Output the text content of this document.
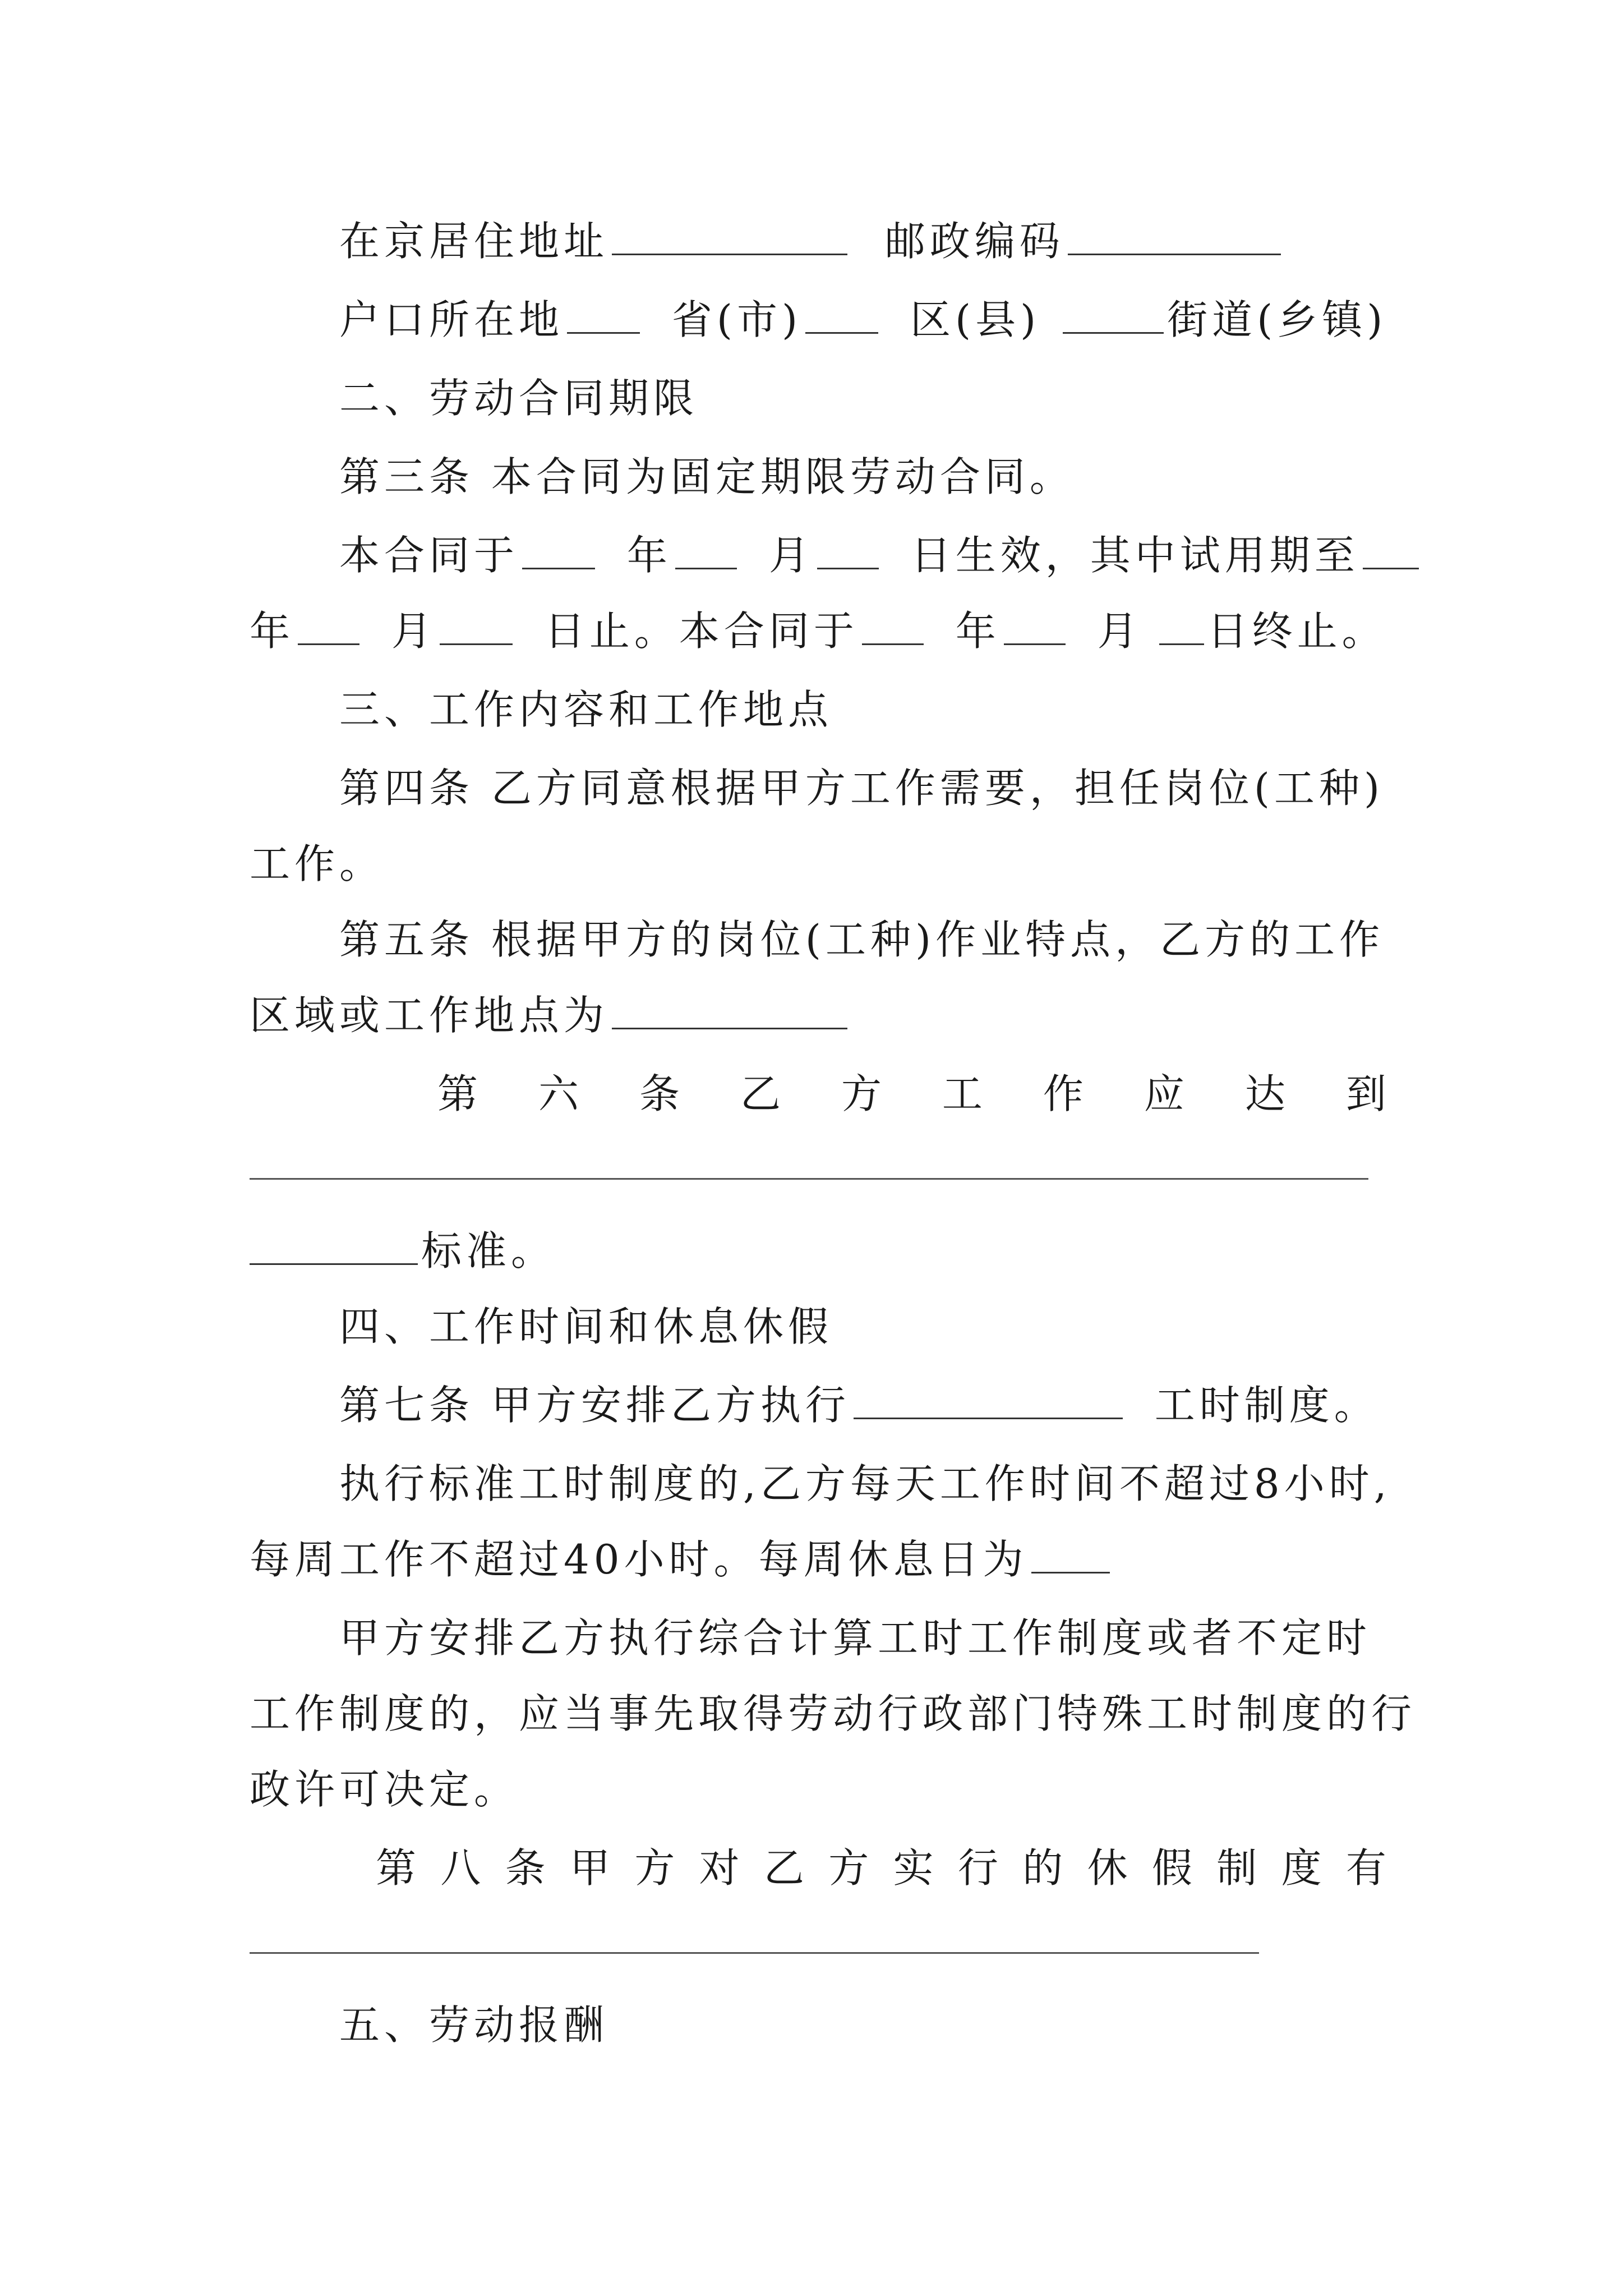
在京居住地址	邮政编码
户口所在地	省(市)	区(县)	街道(乡镇)
二、劳动合同期限
第三条 本合同为固定期限劳动合同。
本合同于	年 月 日生效，其中试用期至
年 月	日止。本合同于 年 月 日终止。
三、工作内容和工作地点
第四条 乙方同意根据甲方工作需要，担任岗位(工种)
工作。
第五条 根据甲方的岗位(工种)作业特点，乙方的工作
区域或工作地点为
第 六 条 乙 方 工 作 应 达 到
标准。
四、工作时间和休息休假
第七条 甲方安排乙方执行	工时制度。
执行标准工时制度的,乙方每天工作时间不超过8小时,
每周工作不超过40小时。每周休息日为
甲方安排乙方执行综合计算工时工作制度或者不定时
工作制度的，应当事先取得劳动行政部门特殊工时制度的行
政许可决定。
第 八 条 甲 方 对 乙 方 实 行 的 休 假 制 度 有
五、劳动报酬
